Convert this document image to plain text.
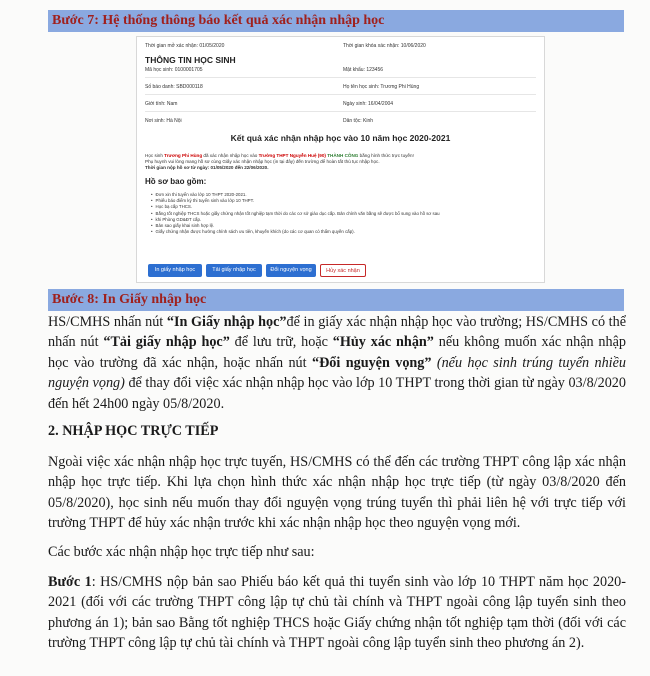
Bước 7: Hệ thống thông báo kết quả xác nhận nhập học
Thời gian mở xác nhận: 01/05/2020	Thời gian khóa xác nhận: 10/06/2020
THÔNG TIN HỌC SINH
Mã học sinh: 0100001705	Mật khẩu: 123456
Số báo danh: SBD000118	Họ tên học sinh: Trương Phi Hùng
Giới tính: Nam	Ngày sinh: 16/04/2004
Nơi sinh: Hà Nội	Dân tộc: Kinh
Kết quả xác nhận nhập học vào 10 năm học 2020-2021
Học sinh Trương Phi Hùng đã xác nhận nhập học vào Trường THPT Nguyễn Huệ (90) THÀNH CÔNG bằng hình thức trực tuyến!
Phụ huynh vui lòng mang hồ sơ cùng Giấy xác nhận nhập học (in tại đây) đến trường để hoàn tất thủ tục nhập học.
Thời gian nộp hồ sơ từ ngày: 01/05/2020 đến 22/06/2020.
Hồ sơ bao gồm:
• Đơn xin thi tuyển vào lớp 10 THPT 2020-2021.
• Phiếu báo điểm kỳ thi tuyển sinh vào lớp 10 THPT.
• Học bạ cấp THCS.
• Bằng tốt nghiệp THCS hoặc giấy chứng nhận tốt nghiệp tạm thời do các cơ sở giáo dục cấp. Bản chính văn bằng sẽ được bổ sung vào hồ sơ sau
• khi Phòng GD&ĐT cấp.
• Bản sao giấy khai sinh hợp lệ.
• Giấy chứng nhận được hưởng chính sách ưu tiên, khuyến khích (do các cơ quan có thẩm quyền cấp).
In giấy nhập học	Tải giấy nhập học	Đổi nguyện vọng	Hủy xác nhận
Bước 8: In Giấy nhập học

HS/CMHS nhấn nút “In Giấy nhập học”để in giấy xác nhận nhập học vào trường; HS/CMHS có thể nhấn nút “Tải giấy nhập học” để lưu trữ, hoặc “Hủy xác nhận” nếu không muốn xác nhận nhập học vào trường đã xác nhận, hoặc nhấn nút “Đổi nguyện vọng” (nếu học sinh trúng tuyển nhiều nguyện vọng) để thay đổi việc xác nhận nhập học vào lớp 10 THPT trong thời gian từ ngày 03/8/2020 đến hết 24h00 ngày 05/8/2020.

2. NHẬP HỌC TRỰC TIẾP

Ngoài việc xác nhận nhập học trực tuyến, HS/CMHS có thể đến các trường THPT công lập xác nhận nhập học trực tiếp. Khi lựa chọn hình thức xác nhận nhập học trực tiếp (từ ngày 03/8/2020 đến 05/8/2020), học sinh nếu muốn thay đổi nguyện vọng trúng tuyển thì phải liên hệ với trực tiếp với trường THPT để hủy xác nhận trước khi xác nhận nhập học theo nguyện vọng mới.

Các bước xác nhận nhập học trực tiếp như sau:

Bước 1: HS/CMHS nộp bản sao Phiếu báo kết quả thi tuyển sinh vào lớp 10 THPT năm học 2020-2021 (đối với các trường THPT công lập tự chủ tài chính và THPT ngoài công lập tuyển sinh theo phương án 1); bản sao Bằng tốt nghiệp THCS hoặc Giấy chứng nhận tốt nghiệp tạm thời (đối với các trường THPT công lập tự chủ tài chính và THPT ngoài công lập tuyển sinh theo phương án 2).
